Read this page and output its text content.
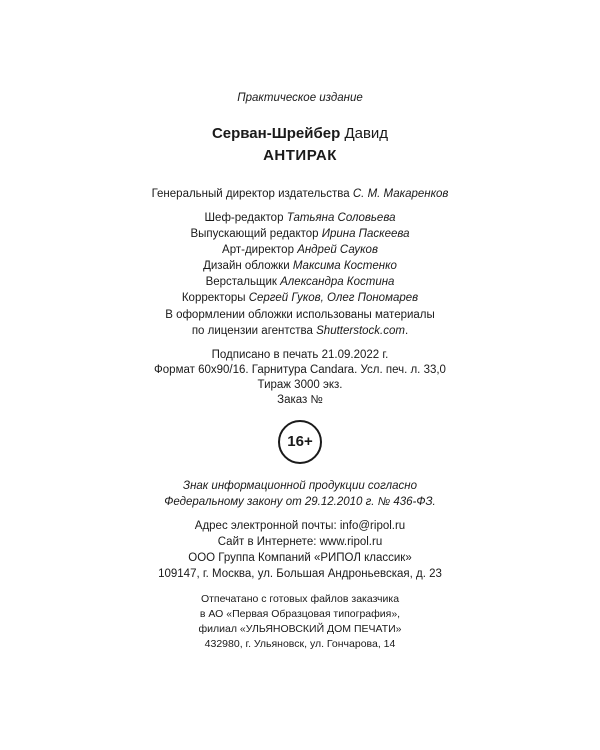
Практическое издание
Серван-Шрейбер Давид
АНТИРАК
Генеральный директор издательства С. М. Макаренков
Шеф-редактор Татьяна Соловьева
Выпускающий редактор Ирина Паскеева
Арт-директор Андрей Сауков
Дизайн обложки Максима Костенко
Верстальщик Александра Костина
Корректоры Сергей Гуков, Олег Пономарев
В оформлении обложки использованы материалы
по лицензии агентства Shutterstock.com.
Подписано в печать 21.09.2022 г.
Формат 60x90/16. Гарнитура Candara. Усл. печ. л. 33,0
Тираж 3000 экз.
Заказ №
16+
Знак информационной продукции согласно
Федеральному закону от 29.12.2010 г. № 436-ФЗ.
Адрес электронной почты: info@ripol.ru
Сайт в Интернете: www.ripol.ru
ООО Группа Компаний «РИПОЛ классик»
109147, г. Москва, ул. Большая Андроньевская, д. 23
Отпечатано с готовых файлов заказчика
в АО «Первая Образцовая типография»,
филиал «УЛЬЯНОВСКИЙ ДОМ ПЕЧАТИ»
432980, г. Ульяновск, ул. Гончарова, 14
